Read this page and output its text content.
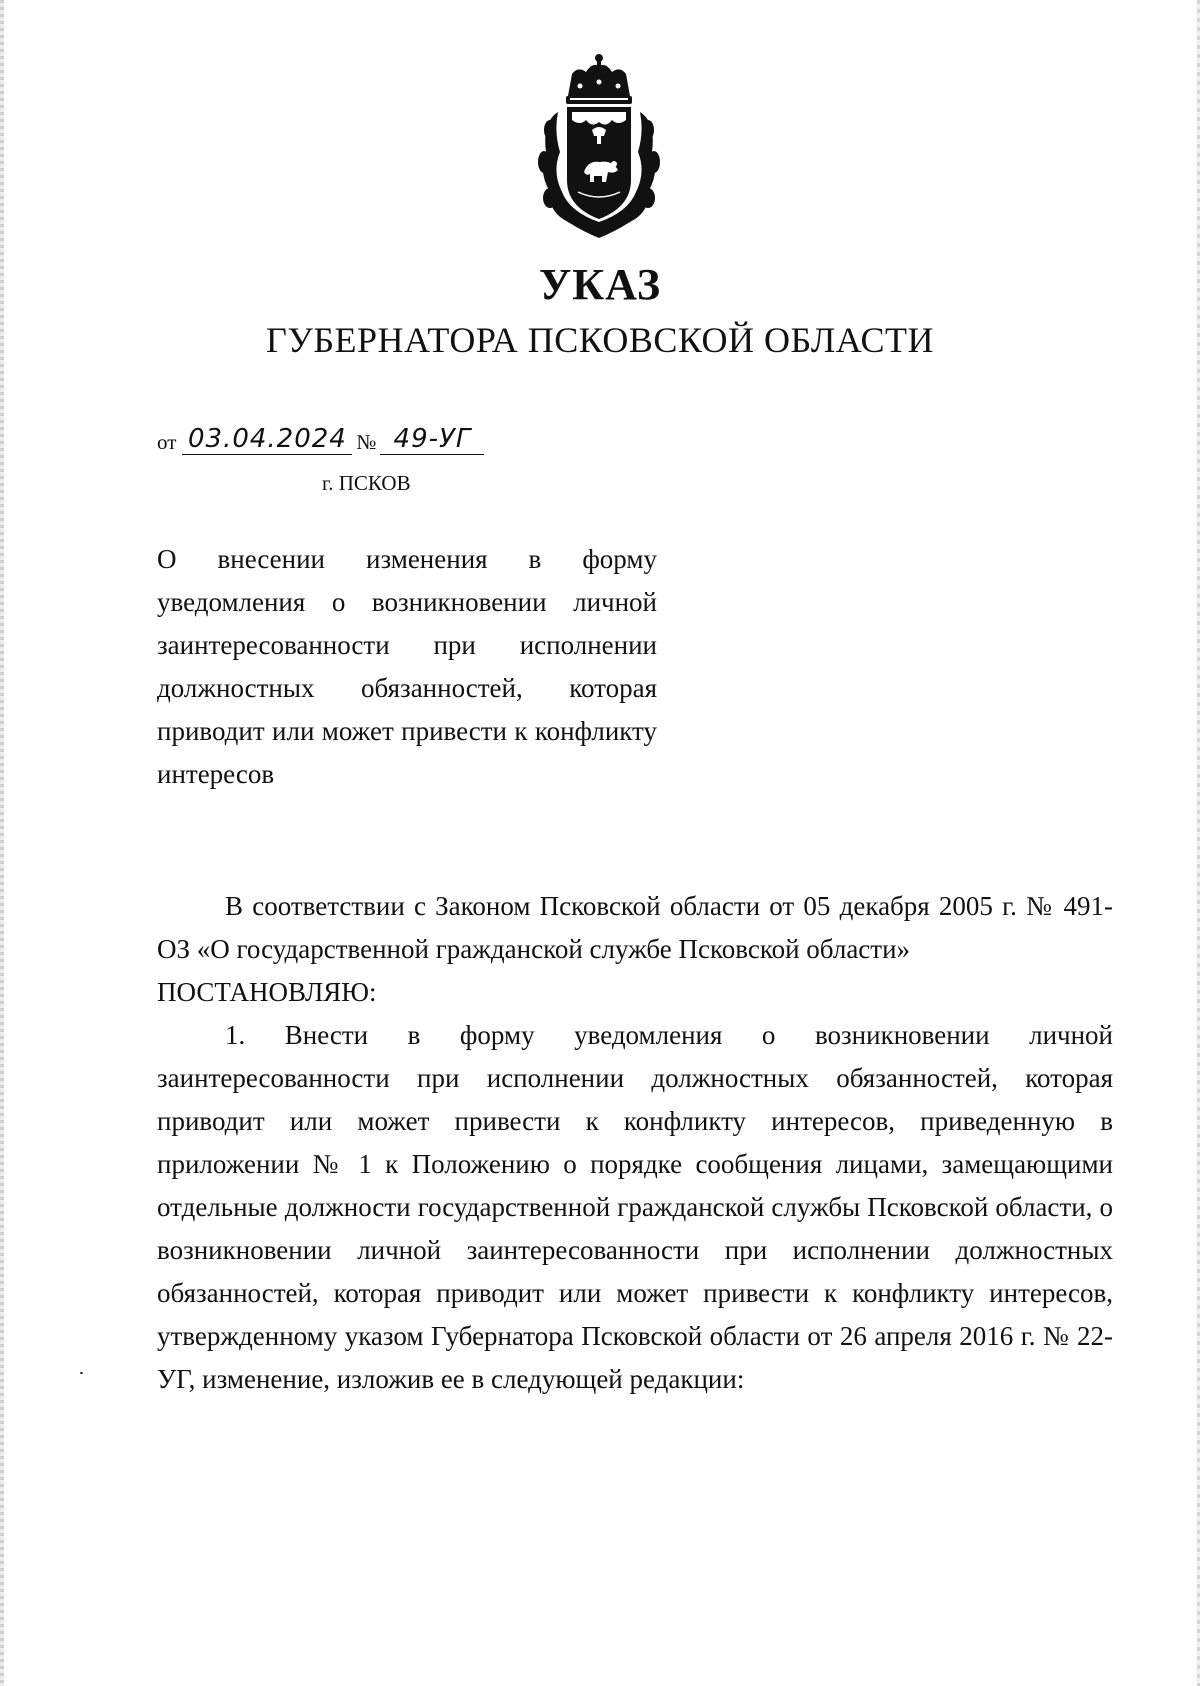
УКАЗ
ГУБЕРНАТОРА ПСКОВСКОЙ ОБЛАСТИ
от 03.04.2024 № 49-УГ
г. ПСКОВ
О внесении изменения в форму уведомления о возникновении личной заинтересованности при исполнении должностных обязанностей, которая приводит или может привести к конфликту интересов

В соответствии с Законом Псковской области от 05 декабря 2005 г. № 491-ОЗ «О государственной гражданской службе Псковской области»

ПОСТАНОВЛЯЮ:

1. Внести в форму уведомления о возникновении личной заинтересованности при исполнении должностных обязанностей, которая приводит или может привести к конфликту интересов, приведенную в приложении № 1 к Положению о порядке сообщения лицами, замещающими отдельные должности государственной гражданской службы Псковской области, о возникновении личной заинтересованности при исполнении должностных обязанностей, которая приводит или может привести к конфликту интересов, утвержденному указом Губернатора Псковской области от 26 апреля 2016 г. № 22-УГ, изменение, изложив ее в следующей редакции:
